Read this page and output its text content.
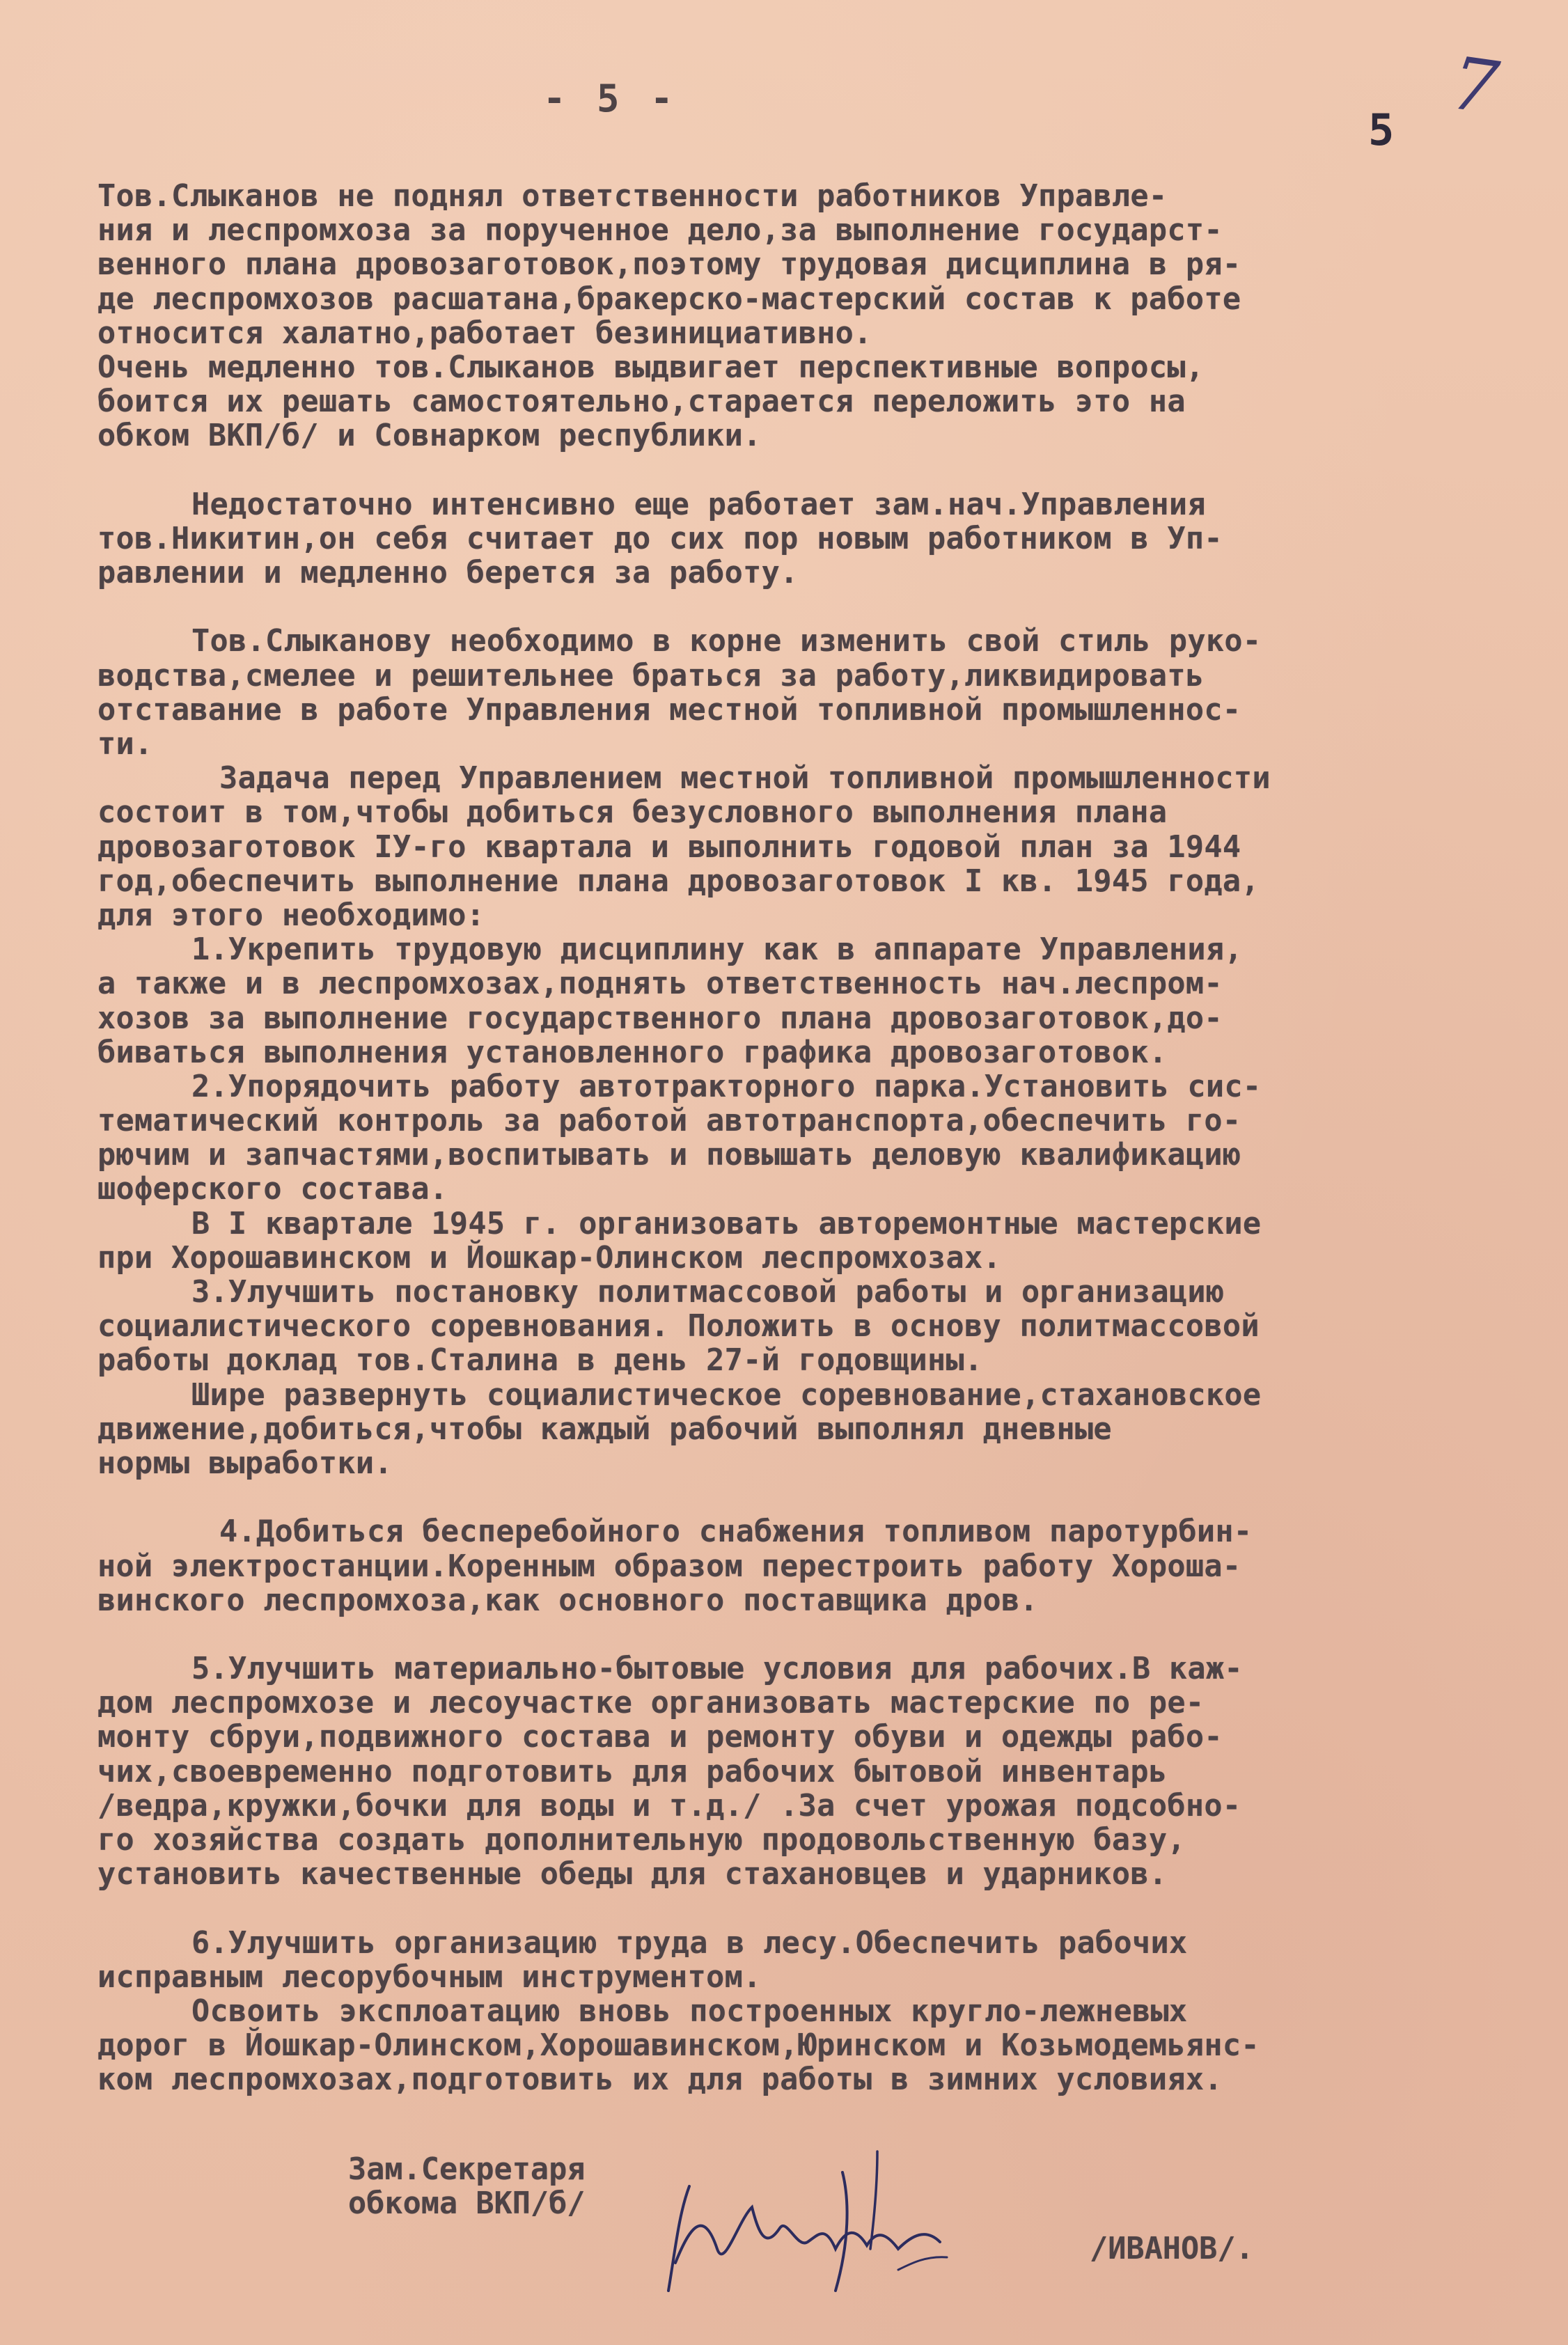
- 5 -
5 7
Тов.Слыканов не поднял ответственности работников Управле-
ния и леспромхоза за порученное дело,за выполнение государст-
венного плана дровозаготовок,поэтому трудовая дисциплина в ря-
де леспромхозов расшатана,бракерско-мастерский состав к работе
относится халатно,работает безинициативно.
Очень медленно тов.Слыканов выдвигает перспективные вопросы,
боится их решать самостоятельно,старается переложить это на
обком ВКП/б/ и Совнарком республики.
Недостаточно интенсивно еще работает зам.нач.Управления
тов.Никитин,он себя считает до сих пор новым работником в Уп-
равлении и медленно берется за работу.
Тов.Слыканову необходимо в корне изменить свой стиль руко-
водства,смелее и решительнее браться за работу,ликвидировать
отставание в работе Управления местной топливной промышленнос-
ти.
Задача перед Управлением местной топливной промышленности
состоит в том,чтобы добиться безусловного выполнения плана
дровозаготовок IУ-го квартала и выполнить годовой план за 1944
год,обеспечить выполнение плана дровозаготовок I кв. 1945 года,
для этого необходимо:
1.Укрепить трудовую дисциплину как в аппарате Управления,
а также и в леспромхозах,поднять ответственность нач.леспром-
хозов за выполнение государственного плана дровозаготовок,до-
биваться выполнения установленного графика дровозаготовок.
2.Упорядочить работу автотракторного парка.Установить сис-
тематический контроль за работой автотранспорта,обеспечить го-
рючим и запчастями,воспитывать и повышать деловую квалификацию
шоферского состава.
В I квартале 1945 г. организовать авторемонтные мастерские
при Хорошавинском и Йошкар-Олинском леспромхозах.
3.Улучшить постановку политмассовой работы и организацию
социалистического соревнования. Положить в основу политмассовой
работы доклад тов.Сталина в день 27-й годовщины.
Шире развернуть социалистическое соревнование,стахановское
движение,добиться,чтобы каждый рабочий выполнял дневные
нормы выработки.
4.Добиться бесперебойного снабжения топливом паротурбин-
ной электростанции.Коренным образом перестроить работу Хороша-
винского леспромхоза,как основного поставщика дров.
5.Улучшить материально-бытовые условия для рабочих.В каж-
дом леспромхозе и лесоучастке организовать мастерские по ре-
монту сбруи,подвижного состава и ремонту обуви и одежды рабо-
чих,своевременно подготовить для рабочих бытовой инвентарь
/ведра,кружки,бочки для воды и т.д./ .За счет урожая подсобно-
го хозяйства создать дополнительную продовольственную базу,
установить качественные обеды для стахановцев и ударников.
6.Улучшить организацию труда в лесу.Обеспечить рабочих
исправным лесорубочным инструментом.
Освоить эксплоатацию вновь построенных кругло-лежневых
дорог в Йошкар-Олинском,Хорошавинском,Юринском и Козьмодемьянс-
ком леспромхозах,подготовить их для работы в зимних условиях.
Зам.Секретаря
обкома ВКП/б/
/ИВАНОВ/.
